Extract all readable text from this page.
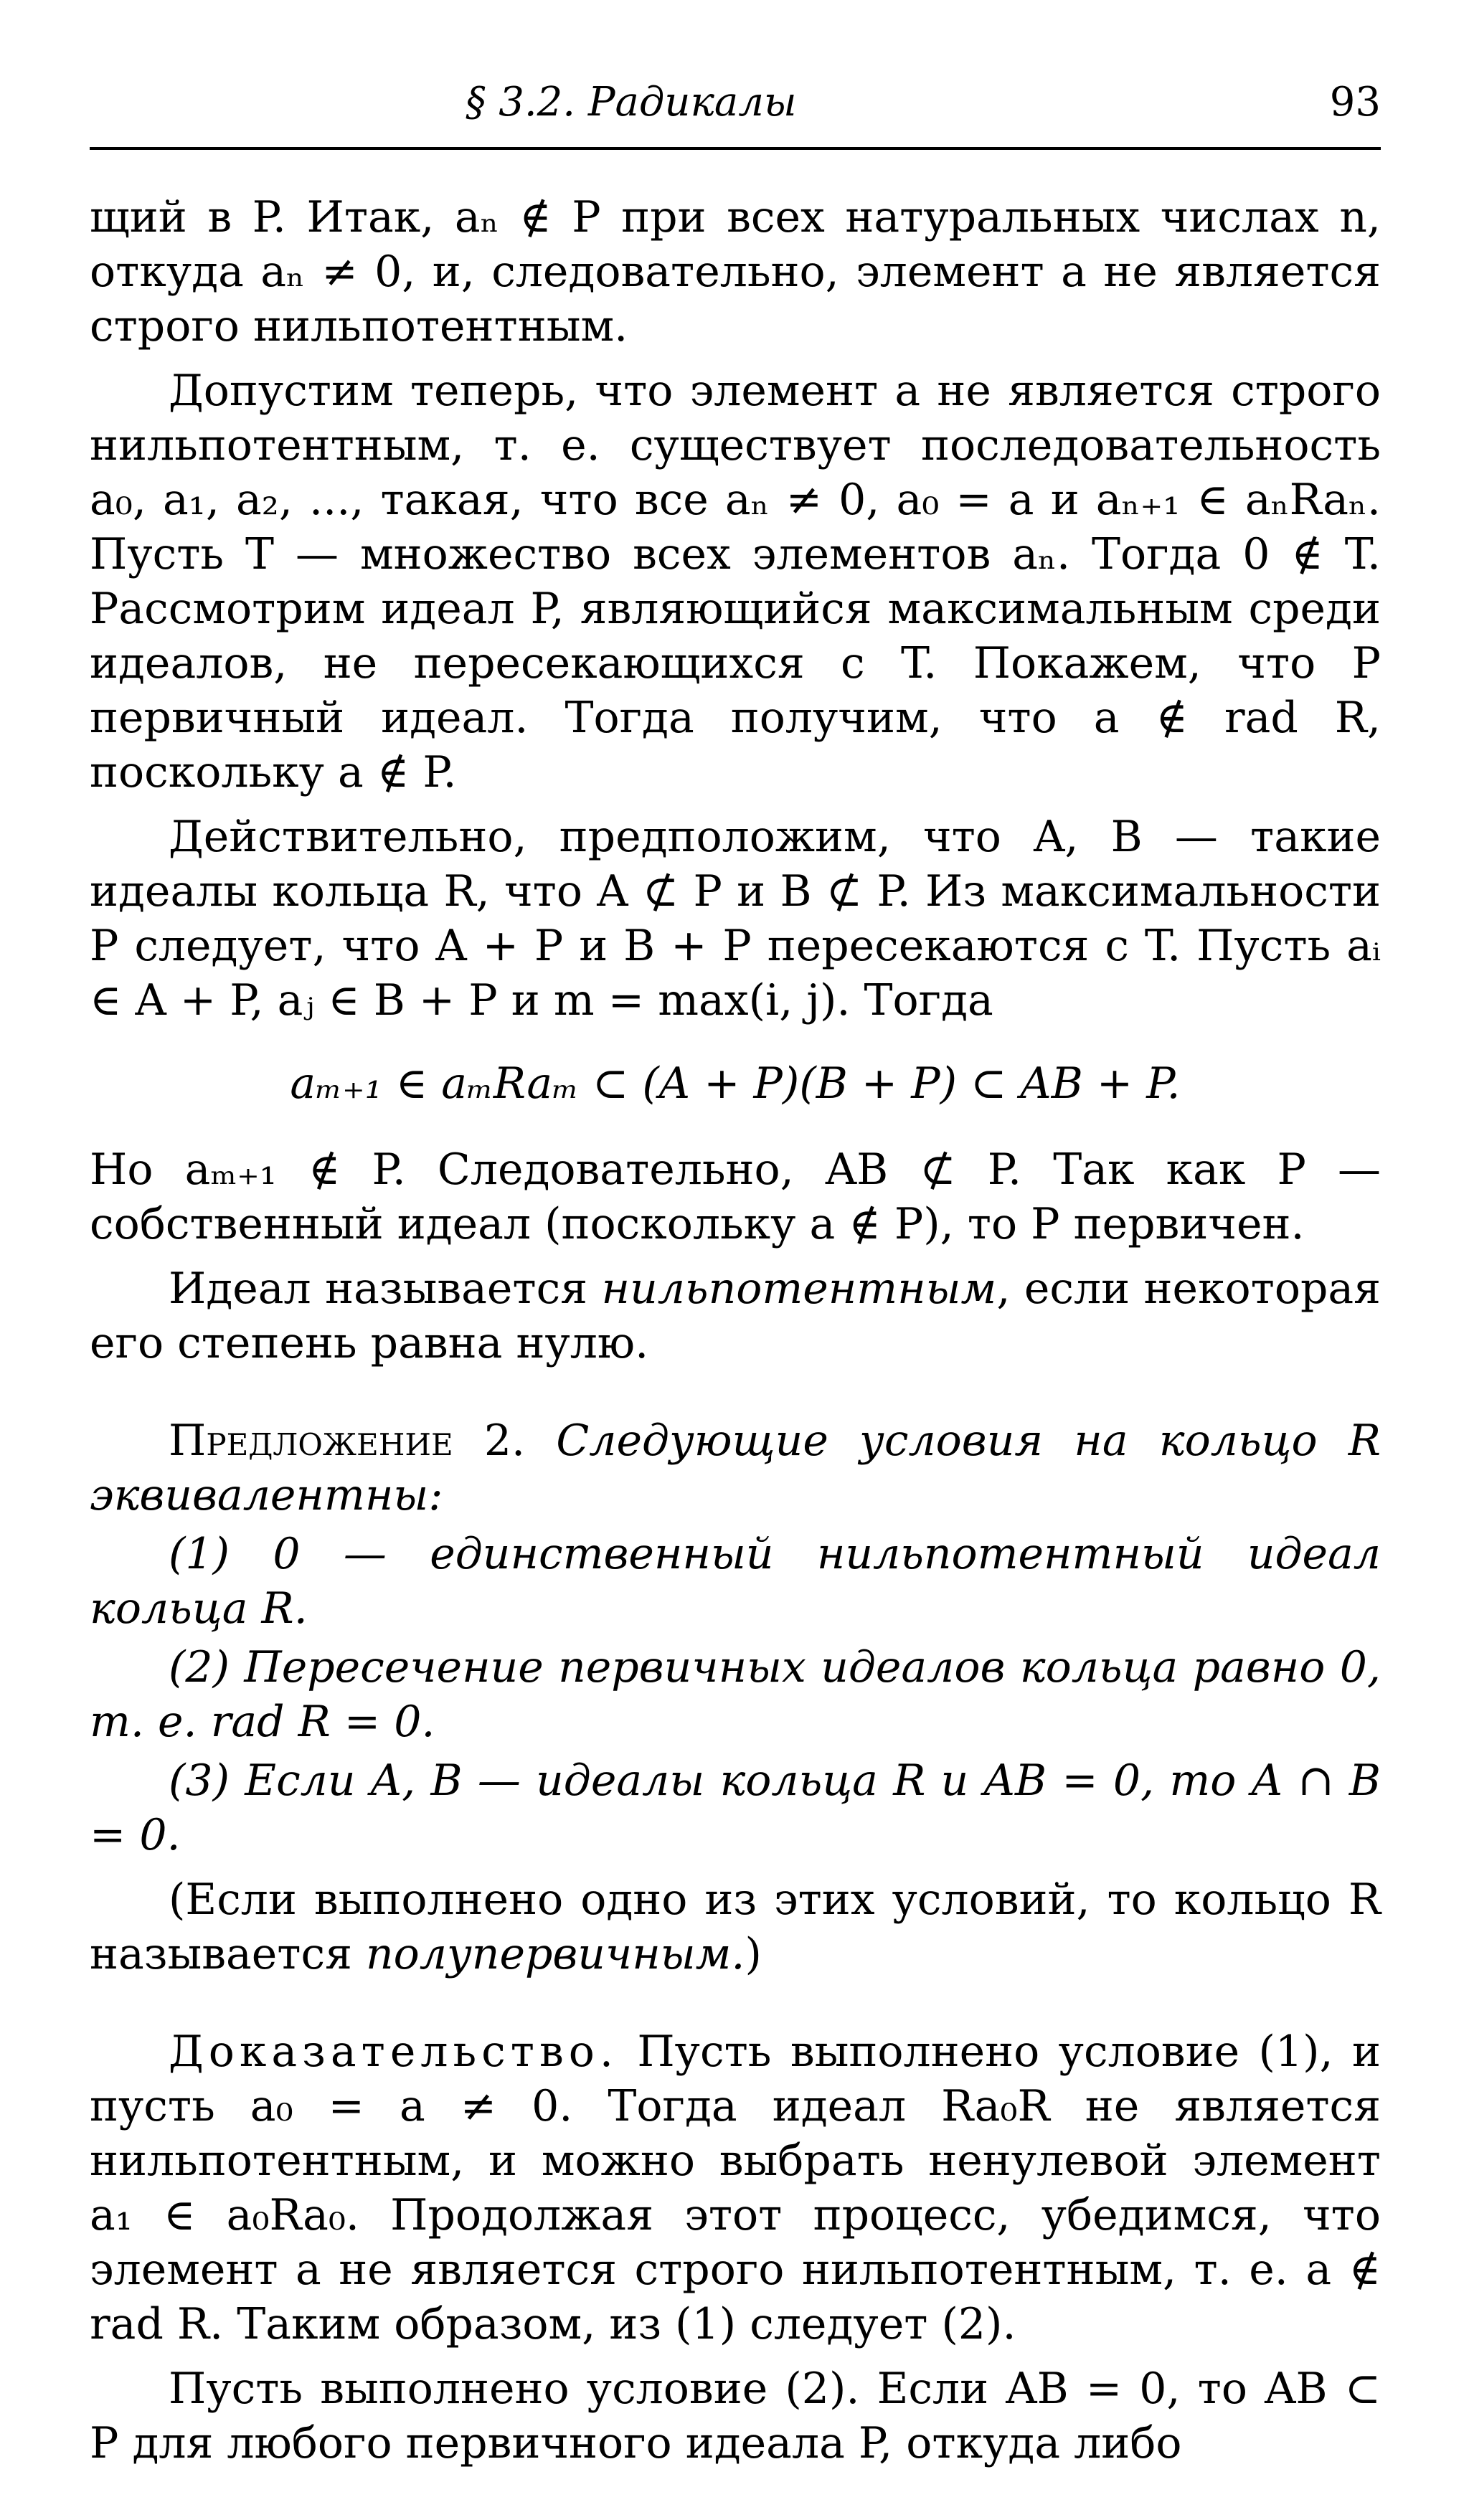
§ 3.2. Радикалы	93

щий в P. Итак, aₙ ∉ P при всех натуральных числах n, откуда aₙ ≠ 0, и, следовательно, элемент a не является строго нильпотентным.

Допустим теперь, что элемент a не является строго нильпотентным, т. е. существует последовательность a₀, a₁, a₂, ..., такая, что все aₙ ≠ 0, a₀ = a и aₙ₊₁ ∈ aₙRaₙ. Пусть T — множество всех элементов aₙ. Тогда 0 ∉ T. Рассмотрим идеал P, являющийся максимальным среди идеалов, не пересекающихся с T. Покажем, что P первичный идеал. Тогда получим, что a ∉ rad R, поскольку a ∉ P.

Действительно, предположим, что A, B — такие идеалы кольца R, что A ⊄ P и B ⊄ P. Из максимальности P следует, что A + P и B + P пересекаются с T. Пусть aᵢ ∈ A + P, aⱼ ∈ B + P и m = max(i, j). Тогда

aₘ₊₁ ∈ aₘRaₘ ⊂ (A + P)(B + P) ⊂ AB + P.

Но aₘ₊₁ ∉ P. Следовательно, AB ⊄ P. Так как P — собственный идеал (поскольку a ∉ P), то P первичен.

Идеал называется нильпотентным, если некоторая его степень равна нулю.

Предложение 2. Следующие условия на кольцо R эквивалентны:

(1) 0 — единственный нильпотентный идеал кольца R.

(2) Пересечение первичных идеалов кольца равно 0, т. е. rad R = 0.

(3) Если A, B — идеалы кольца R и AB = 0, то A ∩ B = 0.

(Если выполнено одно из этих условий, то кольцо R называется полупервичным.)

Доказательство. Пусть выполнено условие (1), и пусть a₀ = a ≠ 0. Тогда идеал Ra₀R не является нильпотентным, и можно выбрать ненулевой элемент a₁ ∈ a₀Ra₀. Продолжая этот процесс, убедимся, что элемент a не является строго нильпотентным, т. е. a ∉ rad R. Таким образом, из (1) следует (2).

Пусть выполнено условие (2). Если AB = 0, то AB ⊂ P для любого первичного идеала P, откуда либо
